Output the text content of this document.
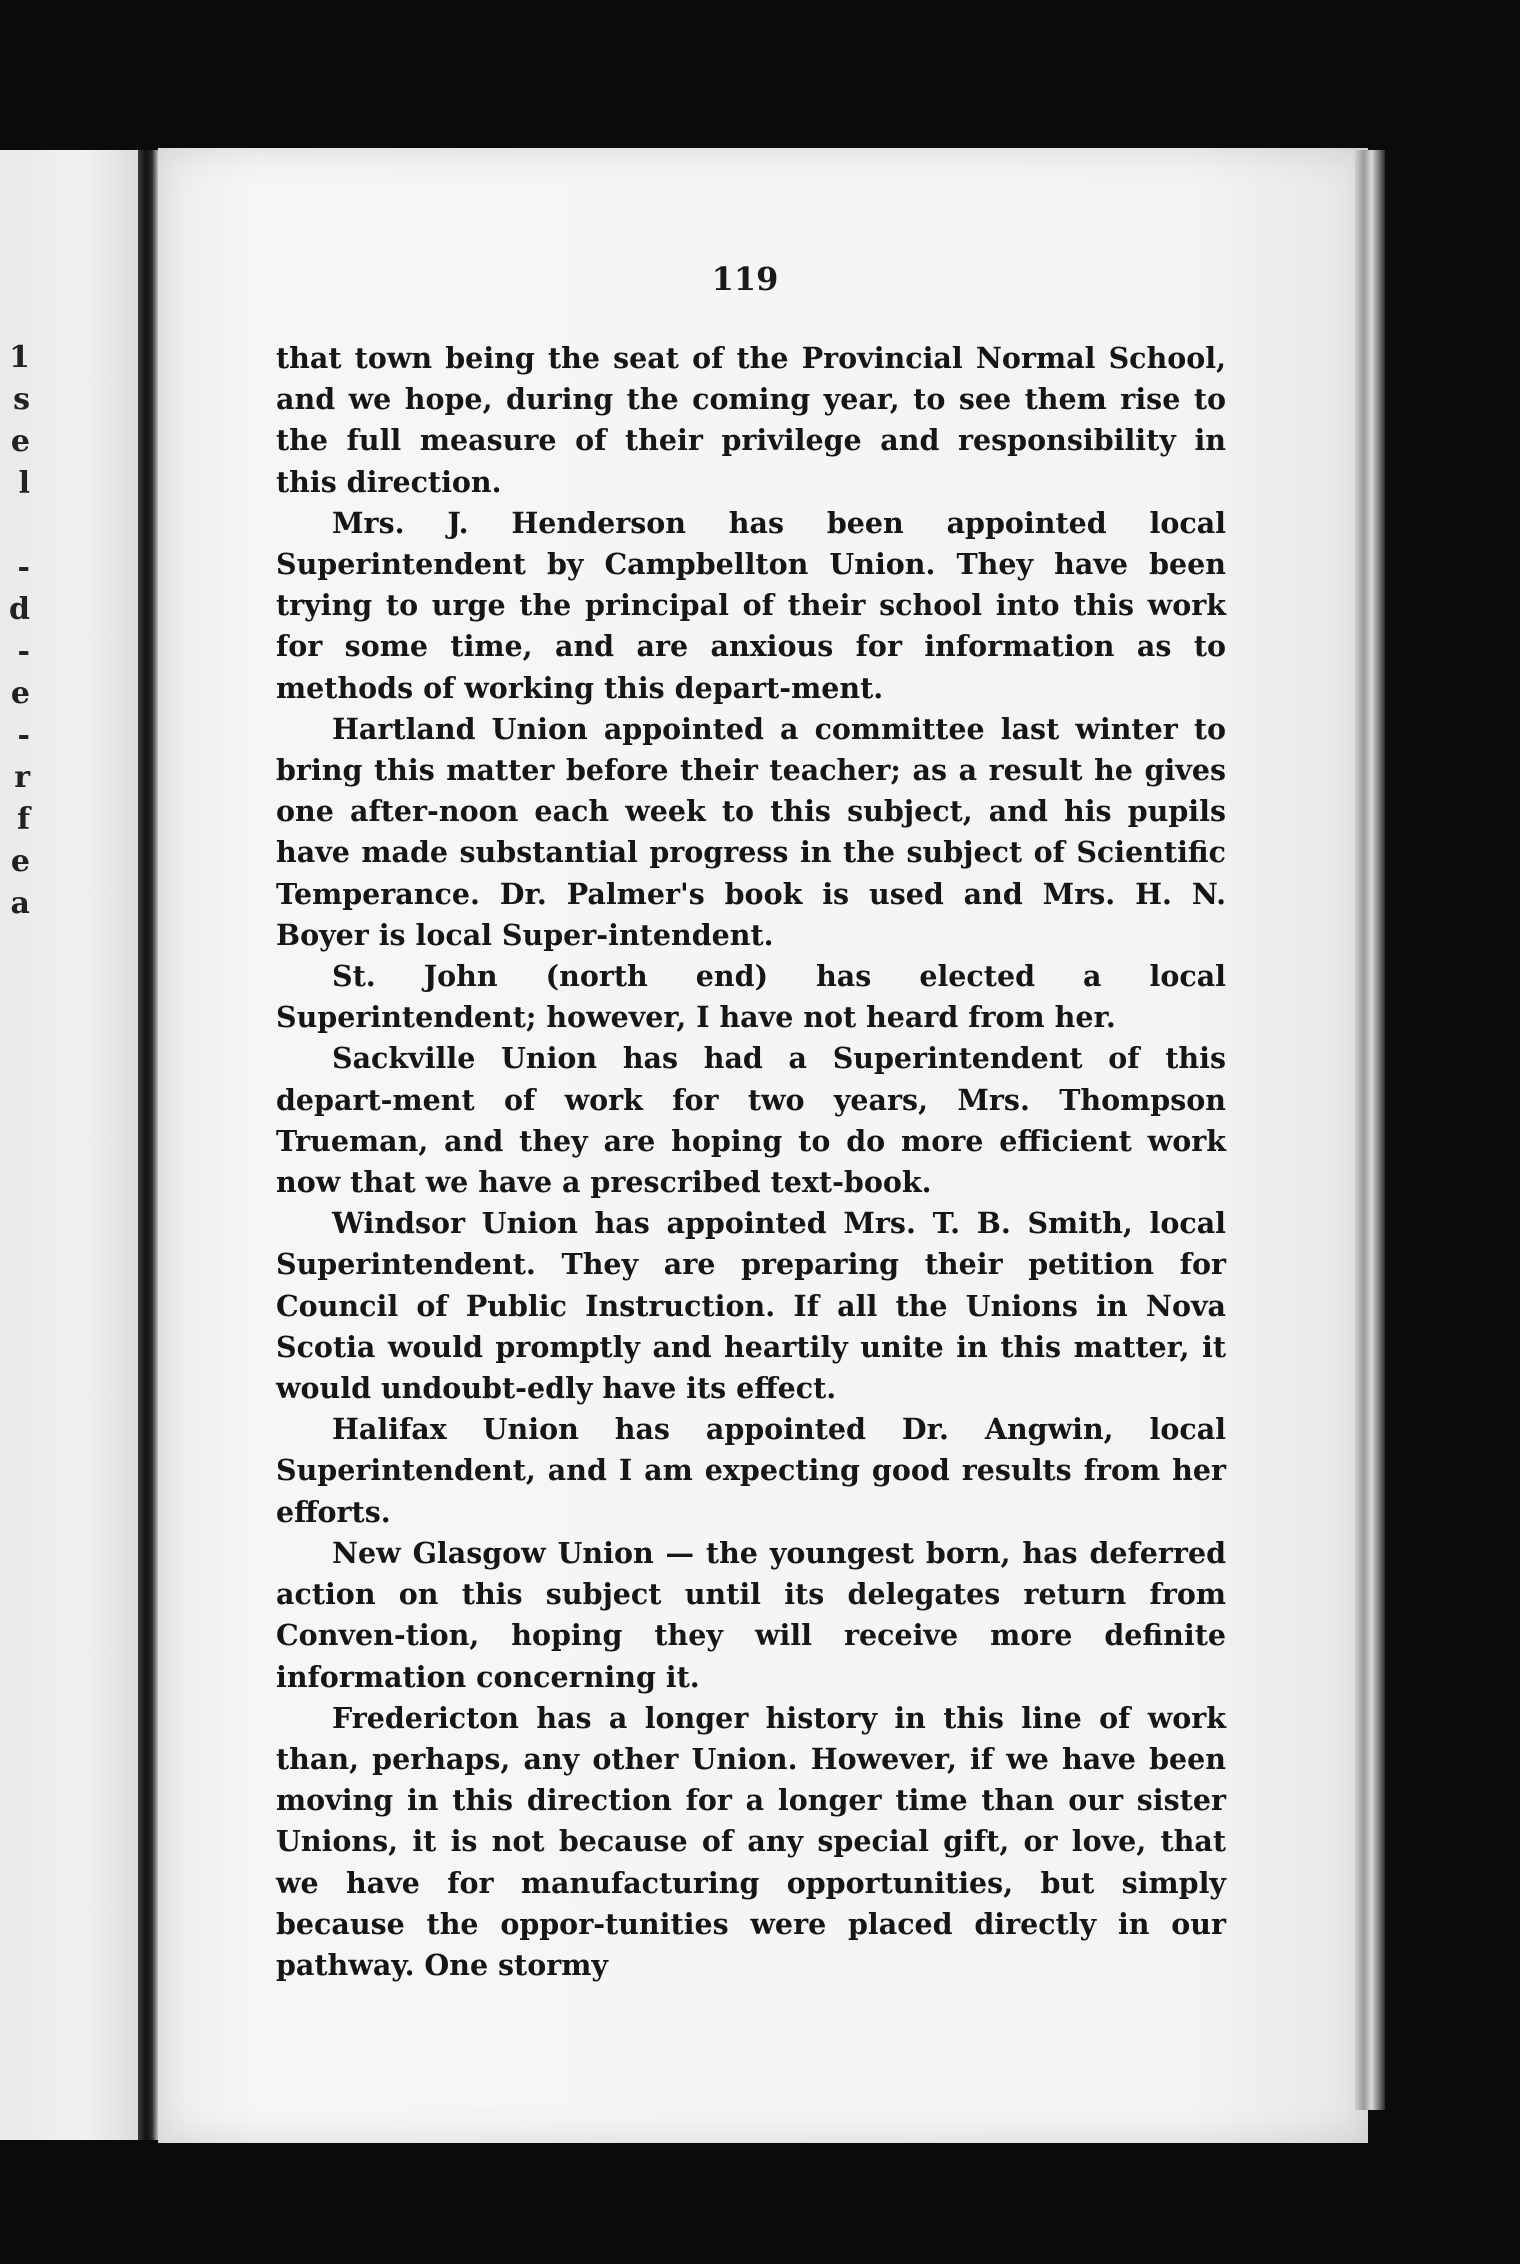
1
s
e
l
-
d
-
e
-
r
f
e
a
119

that town being the seat of the Provincial Normal School, and we hope, during the coming year, to see them rise to the full measure of their privilege and responsibility in this direction.

Mrs. J. Henderson has been appointed local Superintendent by Campbellton Union. They have been trying to urge the principal of their school into this work for some time, and are anxious for information as to methods of working this depart-ment.

Hartland Union appointed a committee last winter to bring this matter before their teacher; as a result he gives one after-noon each week to this subject, and his pupils have made substantial progress in the subject of Scientific Temperance. Dr. Palmer's book is used and Mrs. H. N. Boyer is local Super-intendent.

St. John (north end) has elected a local Superintendent; however, I have not heard from her.

Sackville Union has had a Superintendent of this depart-ment of work for two years, Mrs. Thompson Trueman, and they are hoping to do more efficient work now that we have a prescribed text-book.

Windsor Union has appointed Mrs. T. B. Smith, local Superintendent. They are preparing their petition for Council of Public Instruction. If all the Unions in Nova Scotia would promptly and heartily unite in this matter, it would undoubt-edly have its effect.

Halifax Union has appointed Dr. Angwin, local Superintendent, and I am expecting good results from her efforts.

New Glasgow Union — the youngest born, has deferred action on this subject until its delegates return from Conven-tion, hoping they will receive more definite information concerning it.

Fredericton has a longer history in this line of work than, perhaps, any other Union. However, if we have been moving in this direction for a longer time than our sister Unions, it is not because of any special gift, or love, that we have for manufacturing opportunities, but simply because the oppor-tunities were placed directly in our pathway. One stormy
